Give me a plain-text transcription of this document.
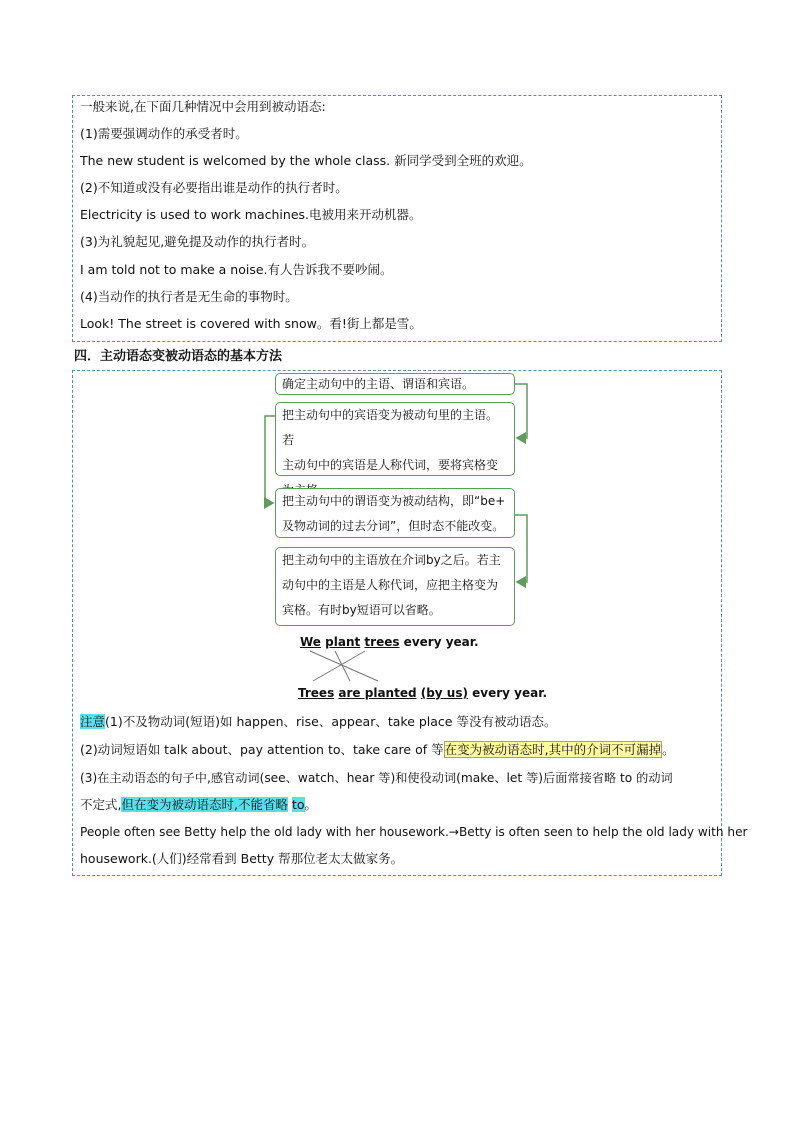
一般来说,在下面几种情况中会用到被动语态:
(1)需要强调动作的承受者时。
The new student is welcomed by the whole class. 新同学受到全班的欢迎。
(2)不知道或没有必要指出谁是动作的执行者时。
Electricity is used to work machines.电被用来开动机器。
(3)为礼貌起见,避免提及动作的执行者时。
I am told not to make a noise.有人告诉我不要吵闹。
(4)当动作的执行者是无生命的事物时。
Look! The street is covered with snow。看!街上都是雪。
四．主动语态变被动语态的基本方法
确定主动句中的主语、谓语和宾语。
把主动句中的宾语变为被动句里的主语。若
主动句中的宾语是人称代词，要将宾格变
把主动句中的谓语变为被动结构，即“be+
及物动词的过去分词”，但时态不能改变。
把主动句中的主语放在介词by之后。若主
动句中的主语是人称代词，应把主格变为
宾格。有时by短语可以省略。
We plant trees every year.
Trees are planted (by us) every year.
注意(1)不及物动词(短语)如 happen、rise、appear、take place 等没有被动语态。
(2)动词短语如 talk about、pay attention to、take care of 等在变为被动语态时,其中的介词不可漏掉。
(3)在主动语态的句子中,感官动词(see、watch、hear 等)和使役动词(make、let 等)后面常接省略 to 的动词
不定式,但在变为被动语态时,不能省略 to。
People often see Betty help the old lady with her housework.→Betty is often seen to help the old lady with her
housework.(人们)经常看到 Betty 帮那位老太太做家务。
